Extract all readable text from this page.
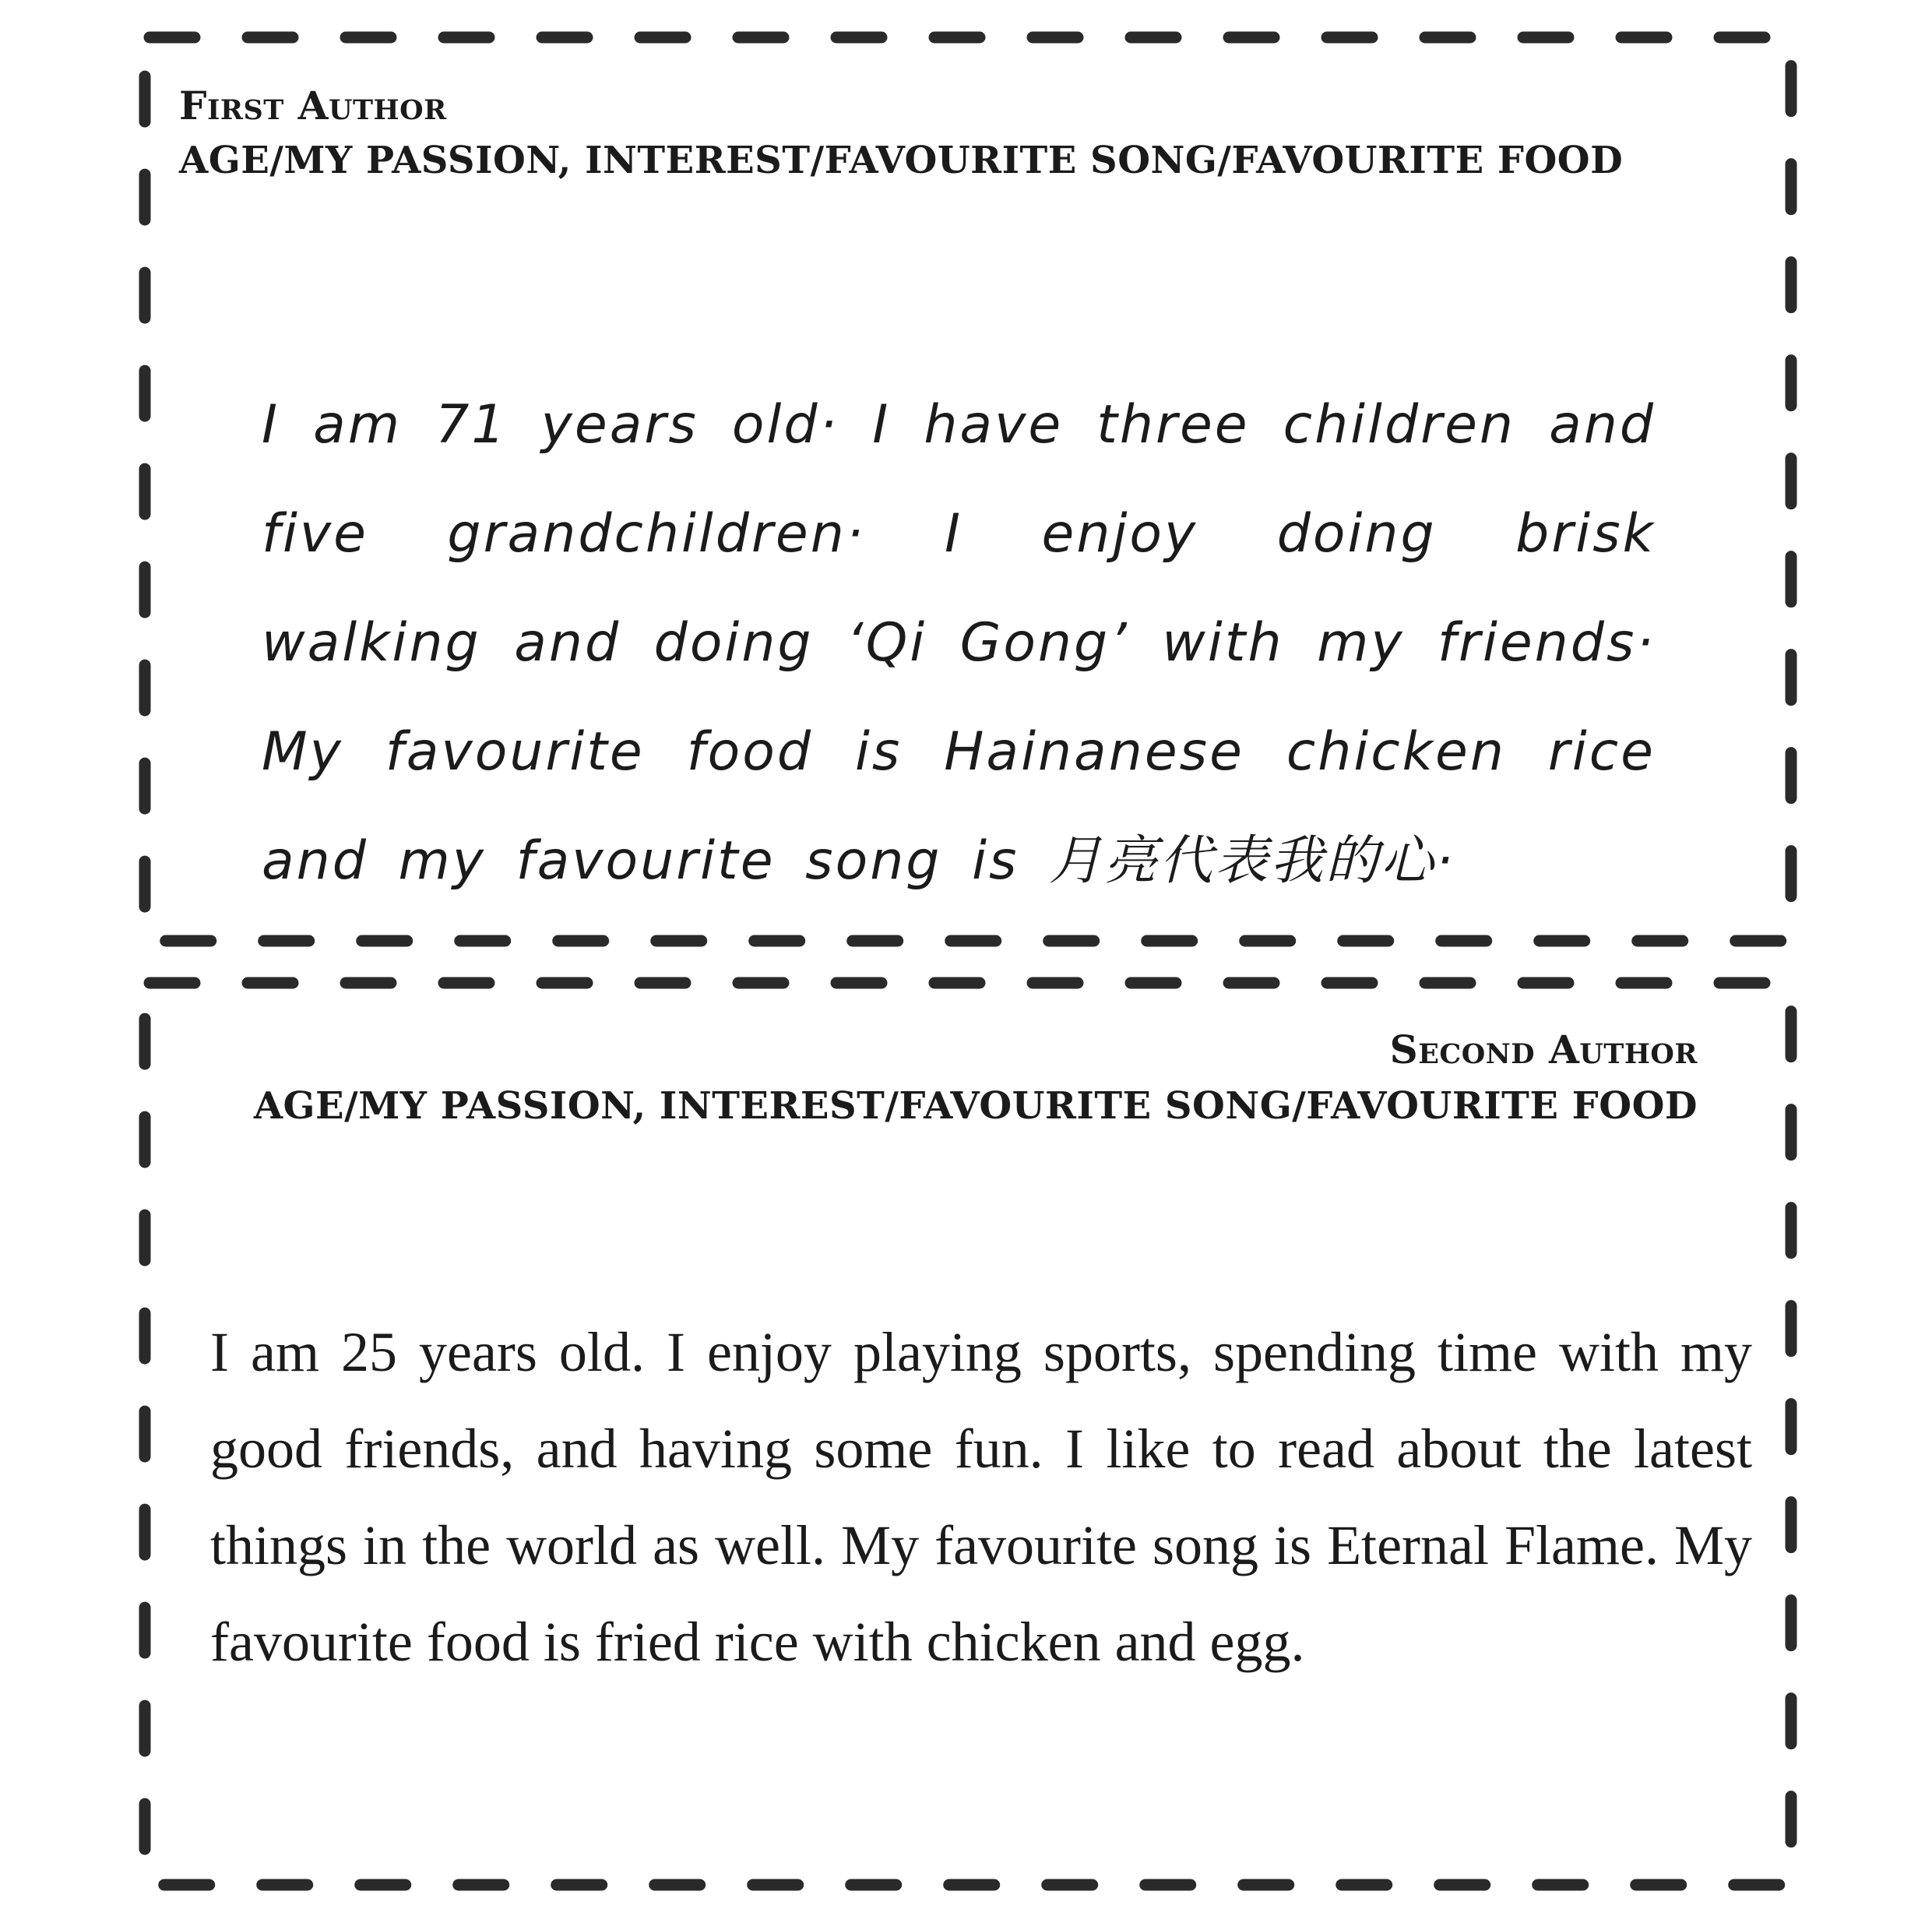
First Author
AGE/MY PASSION, INTEREST/FAVOURITE SONG/FAVOURITE FOOD

I am 71 years old· I have three children and five grandchildren· I enjoy doing brisk walking and doing ‘Qi Gong’ with my friends· My favourite food is Hainanese chicken rice and my favourite song is 月亮代表我的心·

Second Author
AGE/MY PASSION, INTEREST/FAVOURITE SONG/FAVOURITE FOOD

I am 25 years old. I enjoy playing sports, spending time with my good friends, and having some fun. I like to read about the latest things in the world as well. My favourite song is Eternal Flame. My favourite food is fried rice with chicken and egg.
